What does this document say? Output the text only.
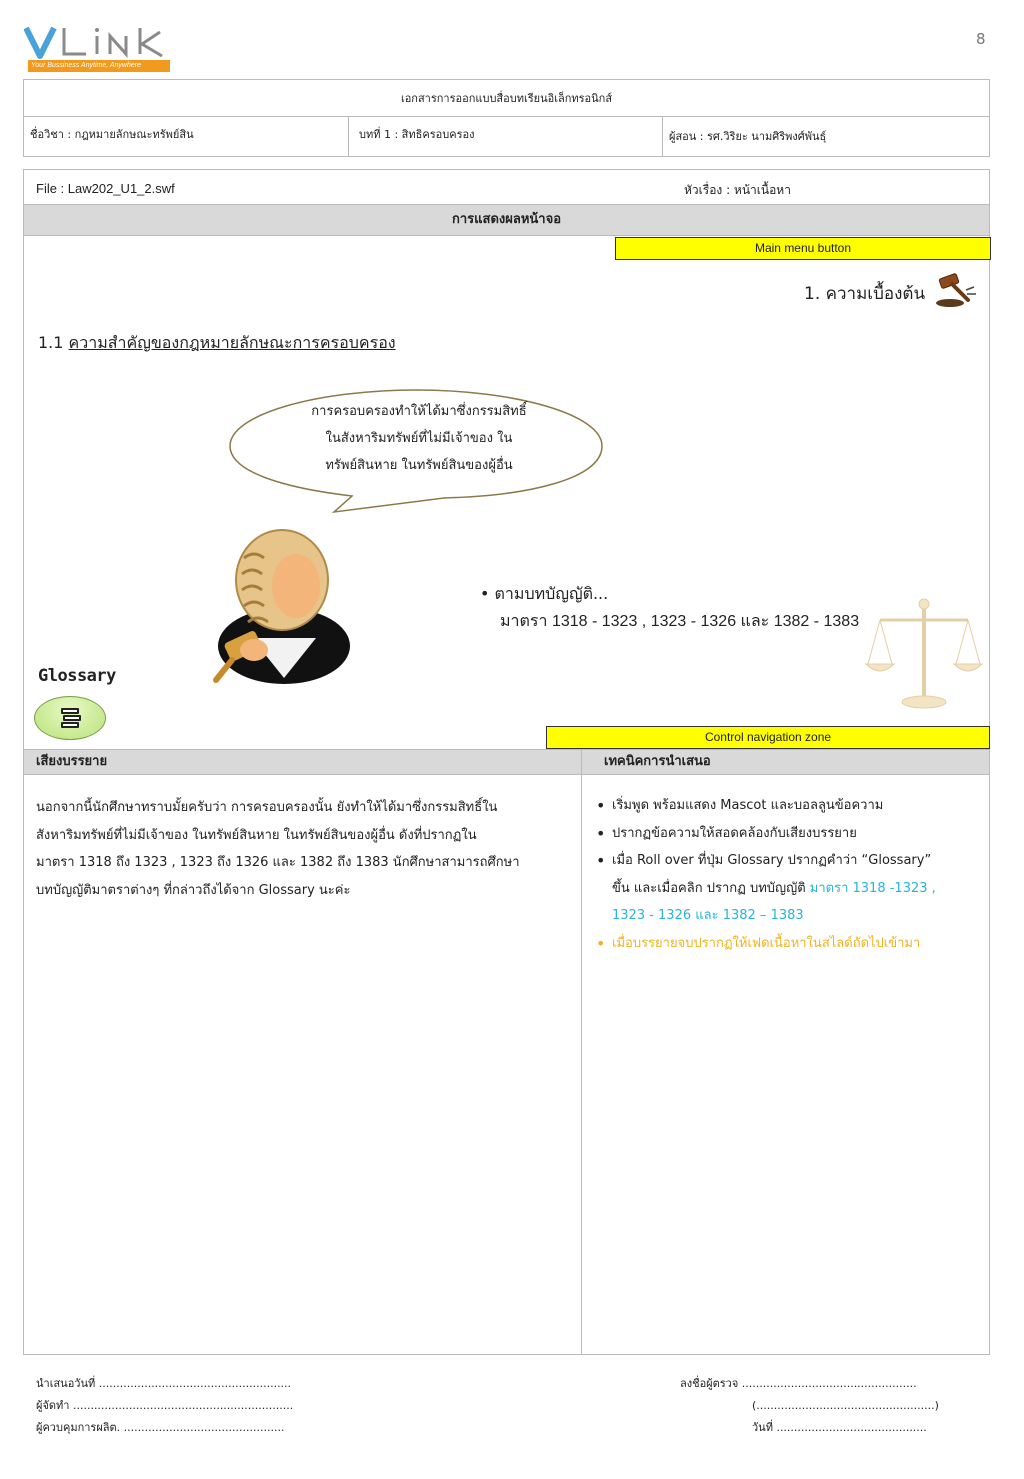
8
Your Bussiness Anytime, Anywhere
เอกสารการออกแบบสื่อบทเรียนอิเล็กทรอนิกส์
ชื่อวิชา : กฎหมายลักษณะทรัพย์สิน	บทที่ 1 : สิทธิครอบครอง	ผู้สอน : รศ.วิริยะ นามศิริพงศ์พันธุ์
File : Law202_U1_2.swf	หัวเรื่อง : หน้าเนื้อหา
การแสดงผลหน้าจอ
Main menu button
1. ความเบื้องต้น
1.1 ความสำคัญของกฎหมายลักษณะการครอบครอง
การครอบครองทำให้ได้มาซึ่งกรรมสิทธิ์
ในสังหาริมทรัพย์ที่ไม่มีเจ้าของ ใน
ทรัพย์สินหาย ในทรัพย์สินของผู้อื่น
• ตามบทบัญญัติ...
มาตรา 1318 - 1323 , 1323 - 1326 และ 1382 - 1383
Glossary
Control navigation zone
เสียงบรรยาย	เทคนิคการนำเสนอ
นอกจากนี้นักศึกษาทราบมั้ยครับว่า การครอบครองนั้น ยังทำให้ได้มาซึ่งกรรมสิทธิ์ใน
สังหาริมทรัพย์ที่ไม่มีเจ้าของ ในทรัพย์สินหาย ในทรัพย์สินของผู้อื่น ดังที่ปรากฏใน
มาตรา 1318 ถึง 1323 , 1323 ถึง 1326 และ 1382 ถึง 1383 นักศึกษาสามารถศึกษา
บทบัญญัติมาตราต่างๆ ที่กล่าวถึงได้จาก Glossary นะค่ะ
• เริ่มพูด พร้อมแสดง Mascot และบอลลูนข้อความ
• ปรากฏข้อความให้สอดคล้องกับเสียงบรรยาย
• เมื่อ Roll over ที่ปุ่ม Glossary ปรากฏคำว่า “Glossary”
ขึ้น และเมื่อคลิก ปรากฏ บทบัญญัติ มาตรา 1318 -1323 ,
1323 - 1326 และ 1382 – 1383
• เมื่อบรรยายจบปรากฏให้เฟดเนื้อหาในสไลด์ถัดไปเข้ามา
นำเสนอวันที่ .......................................................
ผู้จัดทำ ...............................................................
ผู้ควบคุมการผลิต. ..............................................
ลงชื่อผู้ตรวจ ..................................................
(...................................................)
วันที่ ...........................................
